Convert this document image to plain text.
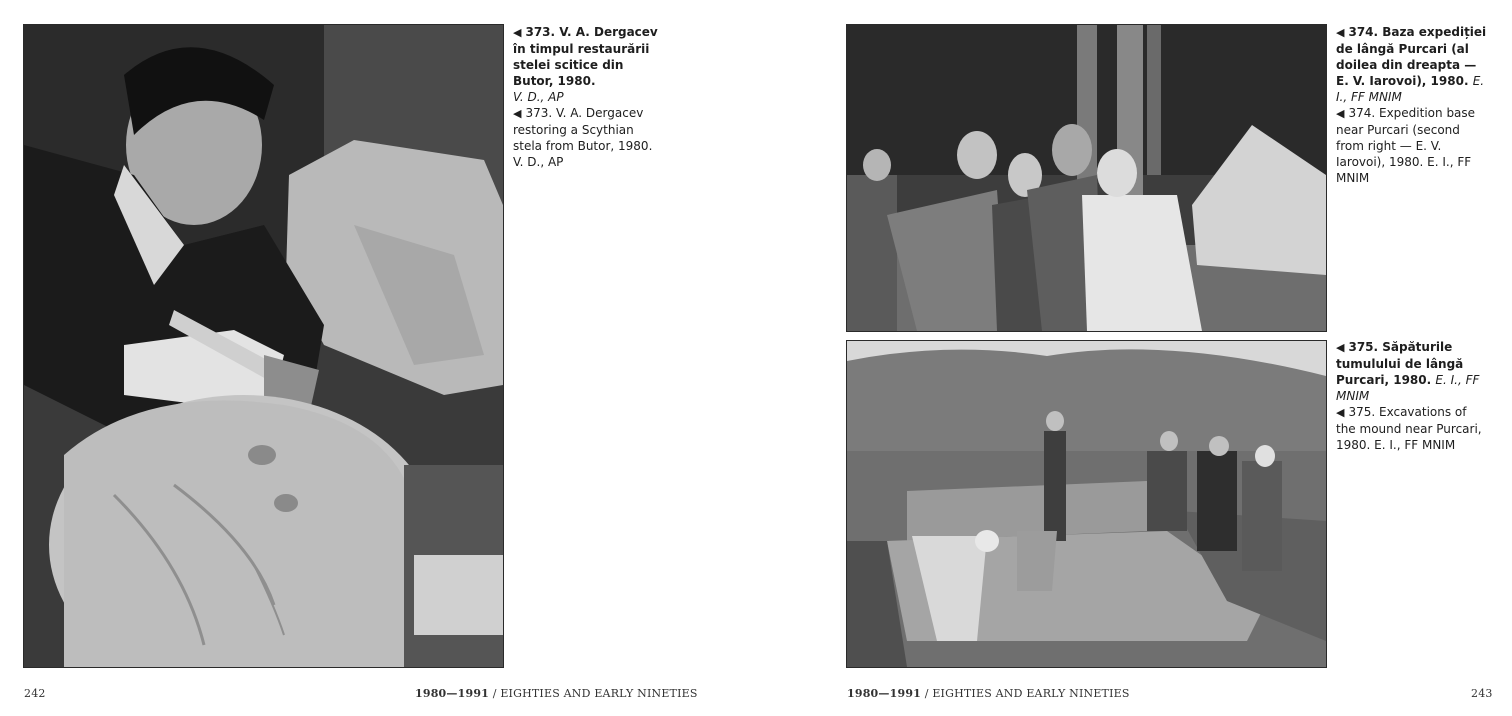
◀ 373. V. A. Dergacev în timpul restaurării stelei scitice din Butor, 1980.
V. D., AP
◀ 373. V. A. Dergacev restoring a Scythian stela from Butor, 1980. V. D., AP
◀ 374. Baza expediției de lângă Purcari (al doilea din dreapta — E. V. Iarovoi), 1980. E. I., FF MNIM
◀ 374. Expedition base near Purcari (second from right — E. V. Iarovoi), 1980. E. I., FF MNIM
◀ 375. Săpăturile tumulului de lângă Purcari, 1980. E. I., FF MNIM
◀ 375. Excavations of the mound near Purcari, 1980. E. I., FF MNIM
242	1980—1991 / EIGHTIES AND EARLY NINETIES	1980—1991 / EIGHTIES AND EARLY NINETIES	243
